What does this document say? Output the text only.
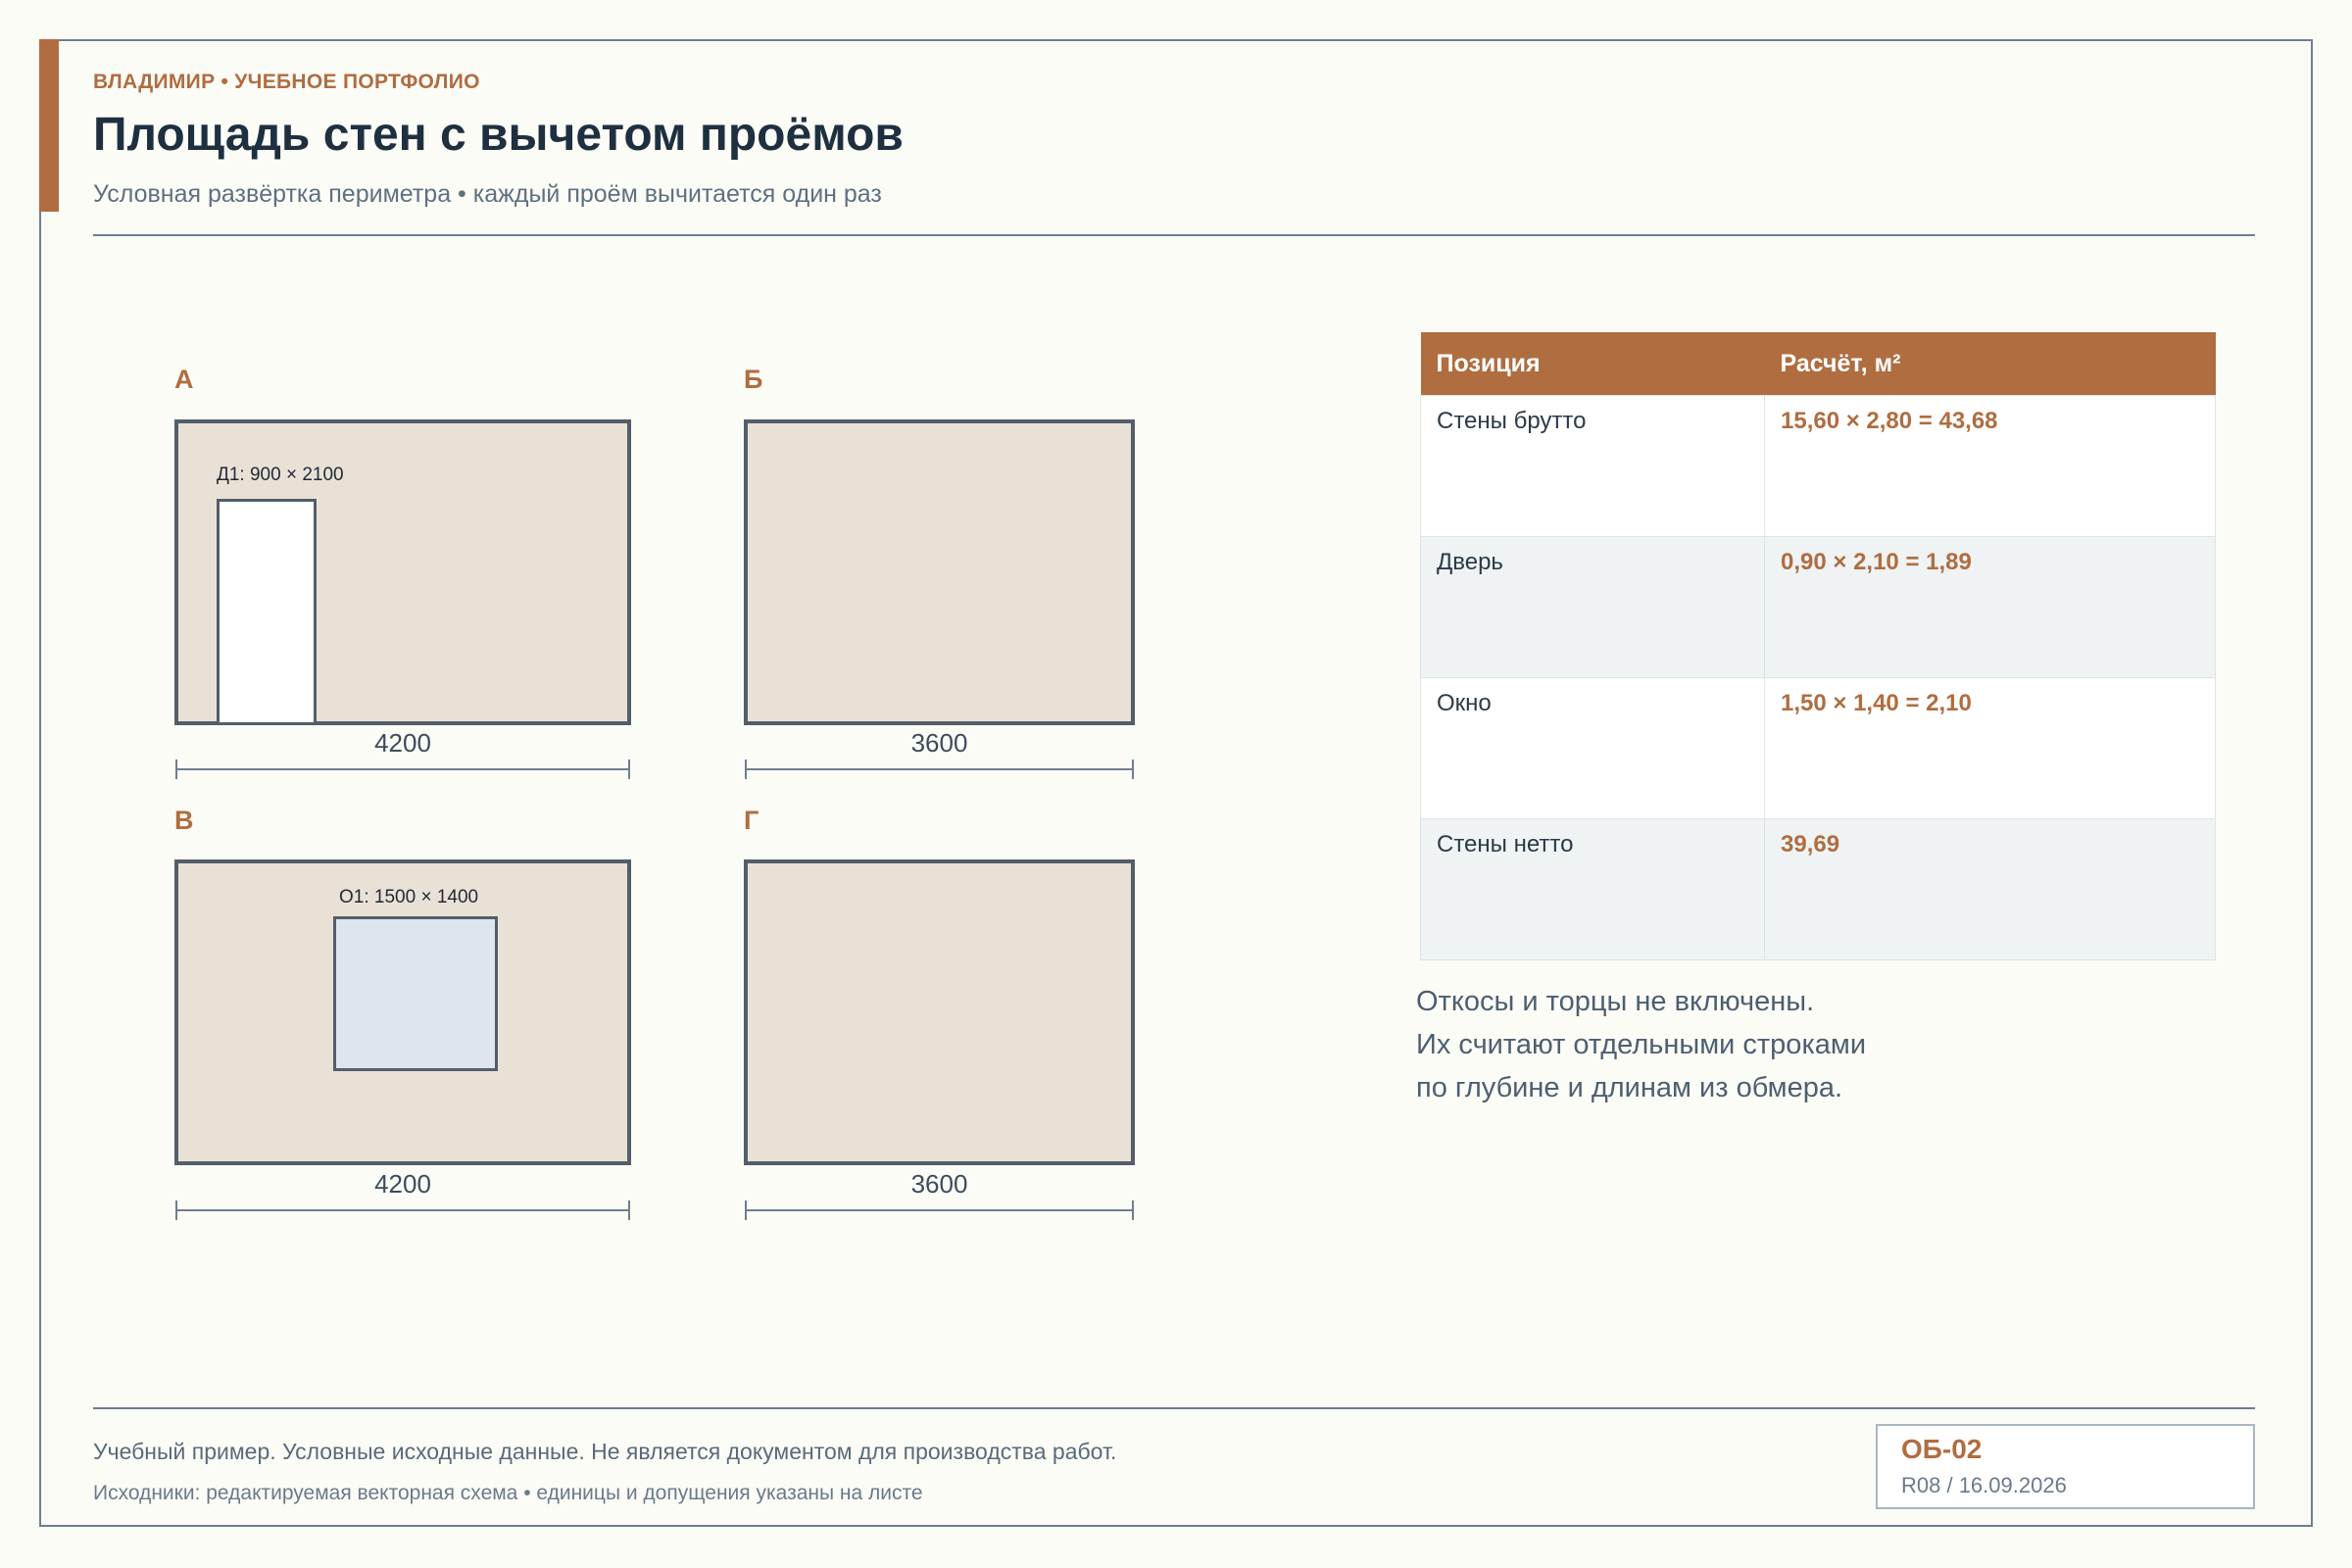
ВЛАДИМИР • УЧЕБНОЕ ПОРТФОЛИО
Площадь стен с вычетом проёмов
Условная развёртка периметра • каждый проём вычитается один раз
А
Д1: 900 × 2100
4200
Б
3600
В
О1: 1500 × 1400
4200
Г
3600
Позиция	Расчёт, м²
Стены брутто	15,60 × 2,80 = 43,68
Дверь	0,90 × 2,10 = 1,89
Окно	1,50 × 1,40 = 2,10
Стены нетто	39,69
Откосы и торцы не включены.
Их считают отдельными строками
по глубине и длинам из обмера.
Учебный пример. Условные исходные данные. Не является документом для производства работ.
Исходники: редактируемая векторная схема • единицы и допущения указаны на листе
ОБ-02
R08 / 16.09.2026
